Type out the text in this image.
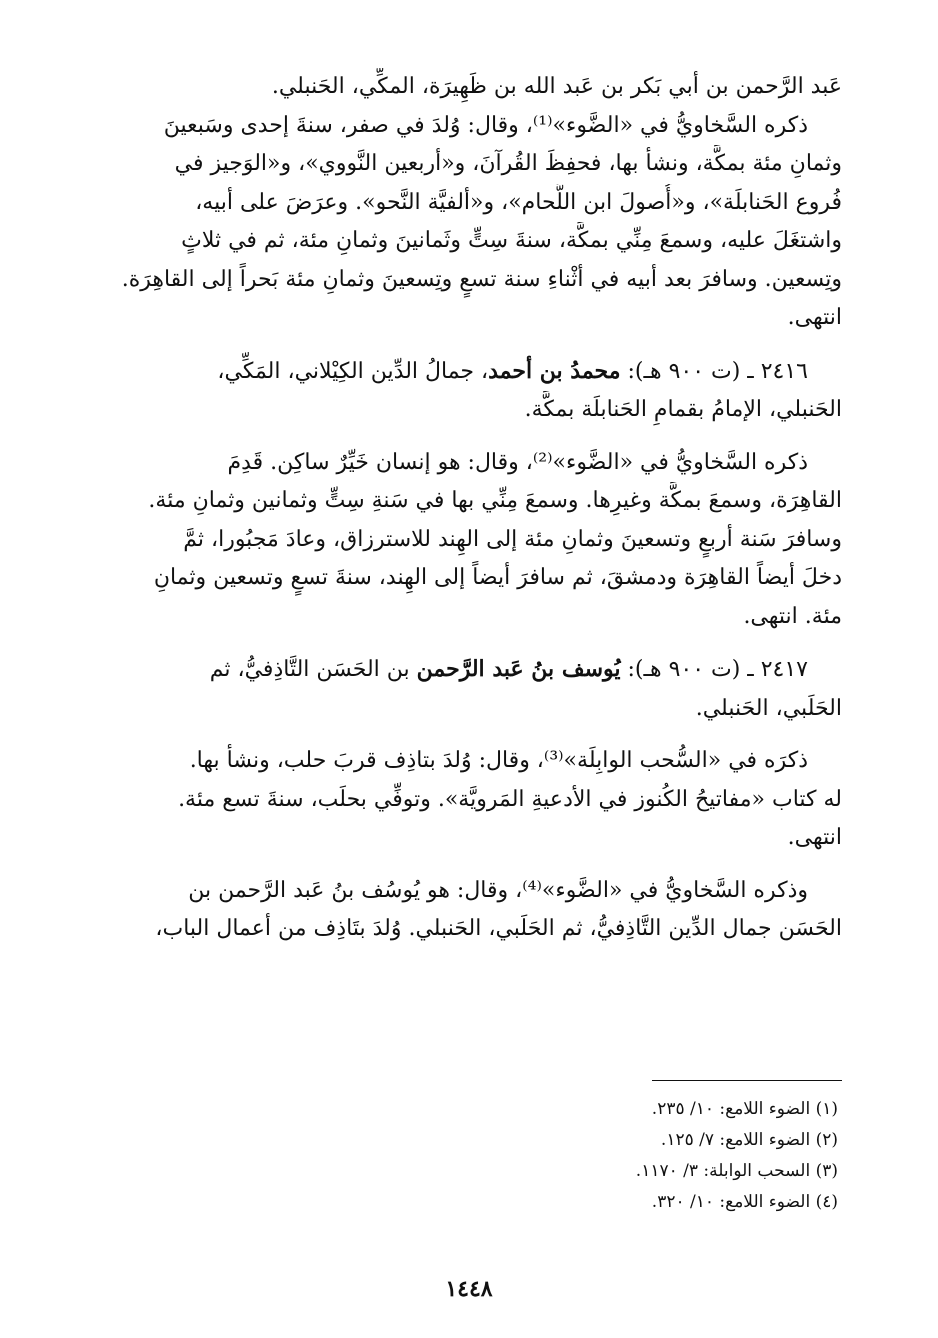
عَبد الرَّحمن بن أبي بَكر بن عَبد الله بن ظَهِيرَة، المكِّي، الحَنبلي.
ذكره السَّخاويُّ في «الضَّوء»⁽¹⁾، وقال: وُلدَ في صفر، سنةَ إحدى وسَبعينَ
وثمانِ مئة بمكَّة، ونشأ بها، فحفِظَ القُرآنَ، و«أربعين النَّووي»، و«الوَجيز في
فُروع الحَنابلَة»، و«أُصولَ ابن اللَّحام»، و«ألفيَّة النَّحو». وعرَضَ على أبيه،
واشتغَلَ عليه، وسمعَ مِنِّي بمكَّة، سنةَ سِتٍّ وثَمانينَ وثمانِ مئة، ثم في ثلاثٍ
وتِسعين. وسافرَ بعد أبيه في أثْناءِ سنة تسعٍ وتِسعينَ وثمانِ مئة بَحراً إلى القاهِرَة.
انتهى.
٢٤١٦ ـ (ت ٩٠٠ هـ): محمدُ بن أحمد، جمالُ الدِّين الكِيْلاني، المَكِّي،
الحَنبلي، الإمامُ بقمامِ الحَنابلَة بمكَّة.
ذكره السَّخاويُّ في «الضَّوء»⁽²⁾، وقال: هو إنسان خَيِّرٌ ساكِن. قَدِمَ
القاهِرَة، وسمعَ بمكَّة وغيرِها. وسمعَ مِنِّي بها في سَنةِ سِتٍّ وثمانين وثمانِ مئة.
وسافرَ سَنة أربعٍ وتسعينَ وثمانِ مئة إلى الهِند للاسترزاق، وعادَ مَجبُورا، ثمَّ
دخلَ أيضاً القاهِرَة ودمشقَ، ثم سافرَ أيضاً إلى الهِند، سنةَ تسعٍ وتسعين وثمانِ
مئة. انتهى.
٢٤١٧ ـ (ت ٩٠٠ هـ): يُوسف بنُ عَبد الرَّحمن بن الحَسَن التَّاذِفيُّ، ثم
الحَلَبي، الحَنبلي.
ذكرَه في «السُّحب الوابِلَة»⁽³⁾، وقال: وُلدَ بتاذِف قربَ حلب، ونشأ بها.
له كتاب «مفاتيحُ الكُنوز في الأدعيةِ المَرويَّة». وتوفِّي بحلَب، سنةَ تسع مئة.
انتهى.
وذكره السَّخاويُّ في «الضَّوء»⁽⁴⁾، وقال: هو يُوسُف بنُ عَبد الرَّحمن بن
الحَسَن جمال الدِّين التَّاذِفيُّ، ثم الحَلَبي، الحَنبلي. وُلدَ بتَاذِف من أعمال الباب،
(١) الضوء اللامع: ١٠/ ٢٣٥.
(٢) الضوء اللامع: ٧/ ١٢٥.
(٣) السحب الوابلة: ٣/ ١١٧٠.
(٤) الضوء اللامع: ١٠/ ٣٢٠.
١٤٤٨
